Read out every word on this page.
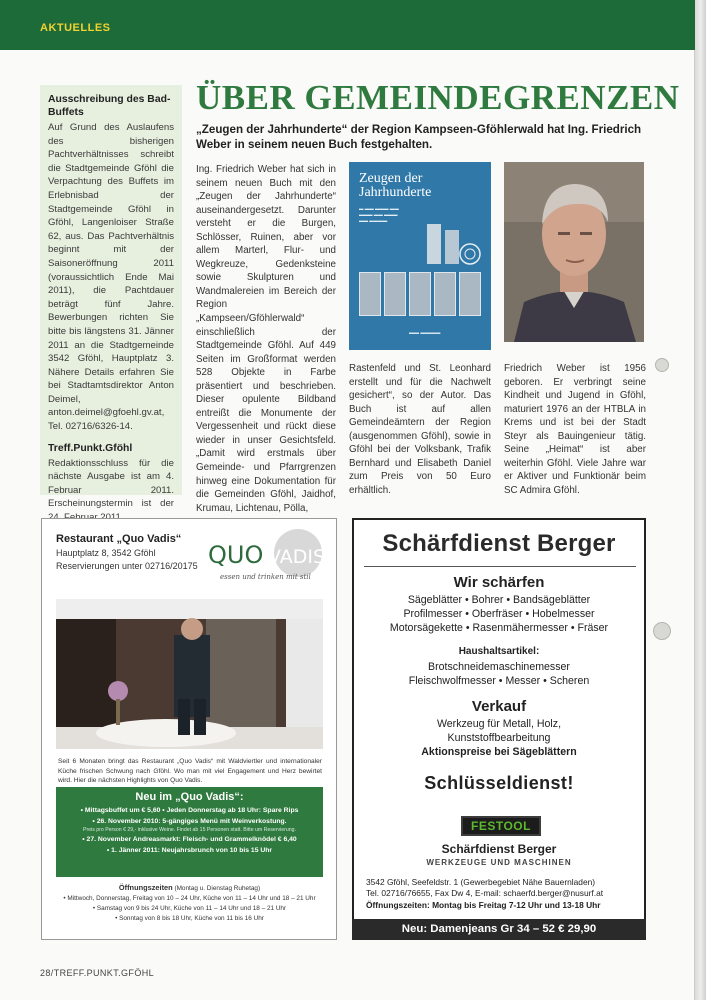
AKTUELLES
Ausschreibung des Bad-Buffets

Auf Grund des Auslaufens des bisherigen Pachtverhältnisses schreibt die Stadtgemeinde Gföhl die Verpachtung des Buffets im Erlebnisbad der Stadtgemeinde Gföhl in Gföhl, Langenloiser Straße 62, aus. Das Pachtverhältnis beginnt mit der Saisoneröffnung 2011 (voraussichtlich Ende Mai 2011), die Pachtdauer beträgt fünf Jahre. Bewerbungen richten Sie bitte bis längstens 31. Jänner 2011 an die Stadtgemeinde 3542 Gföhl, Hauptplatz 3. Nähere Details erfahren Sie bei Stadtamtsdirektor Anton Deimel, anton.deimel@gfoehl.gv.at, Tel. 02716/6326-14.

Treff.Punkt.Gföhl

Redaktionsschluss für die nächste Ausgabe ist am 4. Februar 2011. Erscheinungstermin ist der

ÜBER GEMEINDEGRENZEN
„Zeugen der Jahrhunderte“ der Region Kampseen-Gföhlerwald hat Ing. Friedrich Weber in seinem neuen Buch festgehalten.
Ing. Friedrich Weber hat sich in seinem neuen Buch mit den „Zeugen der Jahrhunderte“ auseinandergesetzt. Darunter versteht er die Burgen, Schlösser, Ruinen, aber vor allem Marterl, Flur- und Wegkreuze, Gedenksteine sowie Skulpturen und Wandmalereien im Bereich der Region „Kampseen/Gföhlerwald“ einschließlich der Stadtgemeinde Gföhl. Auf 449 Seiten im Großformat werden 528 Objekte in Farbe präsentiert und beschrieben. Dieser opulente Bildband entreißt die Monumente der Vergessenheit und rückt diese wieder in unser Gesichtsfeld. „Damit wird erstmals über Gemeinde- und Pfarrgrenzen hinweg eine Dokumentation für die Gemeinden Gföhl, Jaidhof, Krumau, Lichtenau, Pölla,
Zeugen der Jahrhunderte
▬ ▬▬ ▬▬▬ ▬▬
▬▬▬ ▬▬ ▬▬▬
▬▬ ▬▬▬▬
▬▬ ▬▬▬▬
Rastenfeld und St. Leonhard erstellt und für die Nachwelt gesichert“, so der Autor. Das Buch ist auf allen Gemeindeämtern der Region (ausgenommen Gföhl), sowie in Gföhl bei der Volksbank, Trafik Bernhard und Elisabeth Daniel zum Preis von 50 Euro erhältlich.
Friedrich Weber ist 1956 geboren. Er verbringt seine Kindheit und Jugend in Gföhl, maturiert 1976 an der HTBLA in Krems und ist bei der Stadt Steyr als Bauingenieur tätig. Seine „Heimat“ ist aber weiterhin Gföhl. Viele Jahre war er Aktiver und Funktionär beim SC Admira Gföhl.
Restaurant „Quo Vadis“
Hauptplatz 8, 3542 Gföhl
Reservierungen unter 02716/20175 QUO VADIS
essen und trinken mit stil
Seit 6 Monaten bringt das Restaurant „Quo Vadis“ mit Waldviertler und internationaler Küche frischen Schwung nach Gföhl. Wo man mit viel Engagement und Herz bewirtet wird. Hier die nächsten Highlights von Quo Vadis.
Neu im „Quo Vadis“:
• Mittagsbuffet um € 5,60 • Jeden Donnerstag ab 18 Uhr: Spare Rips
• 26. November 2010: 5-gängiges Menü mit Weinverkostung.
Preis pro Person € 29,- inklusive Weine. Findet ab 15 Personen statt. Bitte um Reservierung.
• 27. November Andreasmarkt: Fleisch- und Grammelknödel € 6,40
• 1. Jänner 2011: Neujahrsbrunch von 10 bis 15 Uhr
Öffnungszeiten (Montag u. Dienstag Ruhetag)
• Mittwoch, Donnerstag, Freitag von 10 – 24 Uhr, Küche von 11 – 14 Uhr und 18 – 21 Uhr
• Samstag von 9 bis 24 Uhr, Küche von 11 – 14 Uhr und 18 – 21 Uhr
• Sonntag von 8 bis 18 Uhr, Küche von 11 bis 16 Uhr
Schärfdienst Berger
Wir schärfen
Sägeblätter • Bohrer • Bandsägeblätter
Profilmesser • Oberfräser • Hobelmesser
Motorsägekette • Rasenmähermesser • Fräser
Haushaltsartikel:
Brotschneidemaschinemesser
Fleischwolfmesser • Messer • Scheren
Verkauf
Werkzeug für Metall, Holz,
Kunststoffbearbeitung
Aktionspreise bei Sägeblättern
Schlüsseldienst!
FESTOOL
Schärfdienst Berger
WERKZEUGE UND MASCHINEN
3542 Gföhl, Seefeldstr. 1 (Gewerbegebiet Nähe Bauernladen)
Tel. 02716/76655, Fax Dw 4, E-mail: schaerfd.berger@nusurf.at
Öffnungszeiten: Montag bis Freitag 7-12 Uhr und 13-18 Uhr
Neu: Damenjeans Gr 34 – 52 € 29,90
28/TREFF.PUNKT.GFÖHL
